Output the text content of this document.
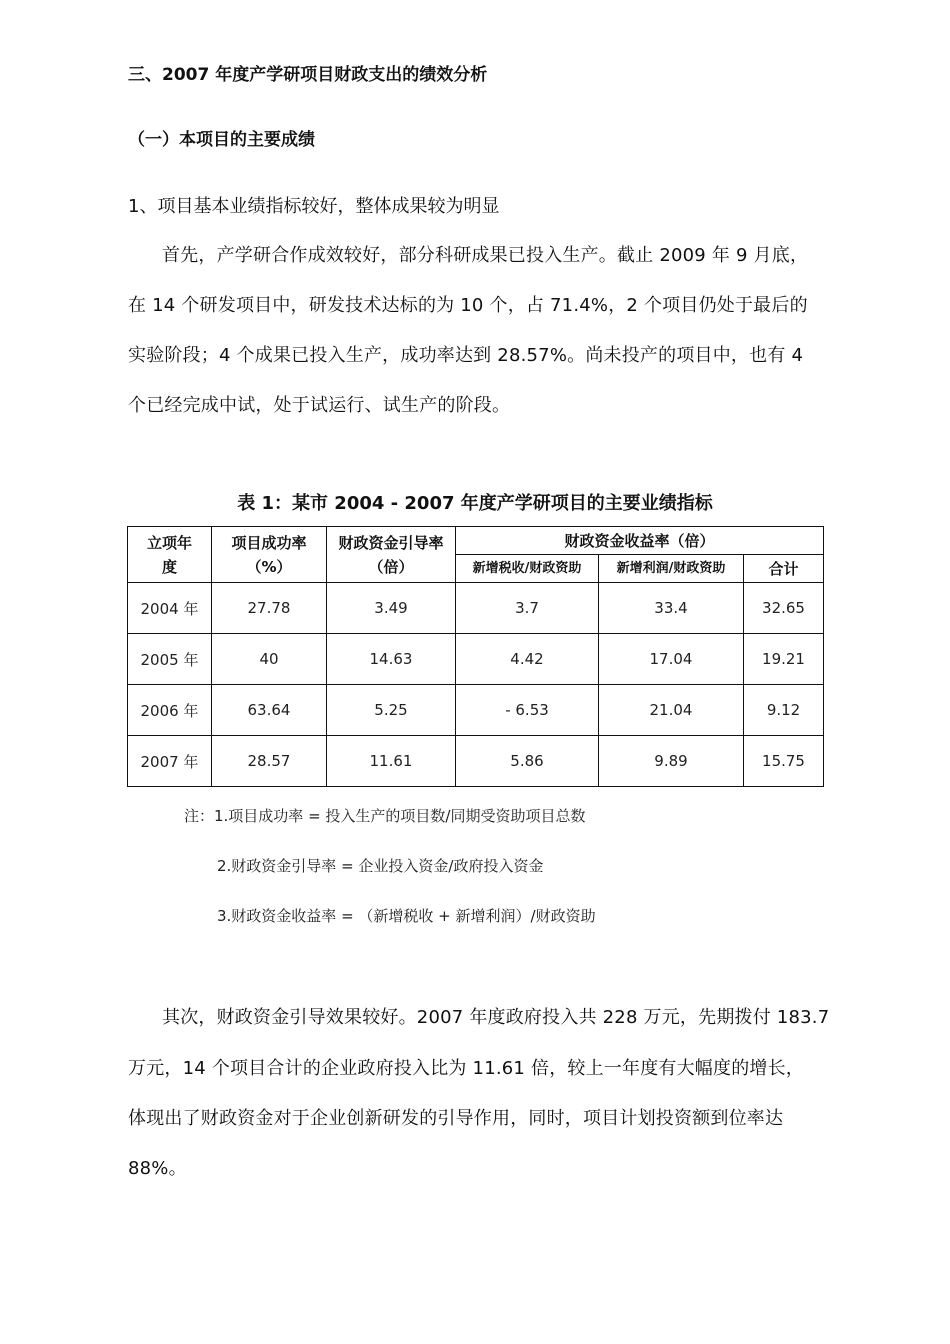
三、2007 年度产学研项目财政支出的绩效分析
（一）本项目的主要成绩
1、项目基本业绩指标较好，整体成果较为明显
首先，产学研合作成效较好，部分科研成果已投入生产。截止 2009 年 9 月底，
在 14 个研发项目中，研发技术达标的为 10 个，占 71.4%，2 个项目仍处于最后的
实验阶段；4 个成果已投入生产，成功率达到 28.57%。尚未投产的项目中，也有 4
个已经完成中试，处于试运行、试生产的阶段。
表 1：某市 2004 - 2007 年度产学研项目的主要业绩指标
立项年度	项目成功率（%）	财政资金引导率（倍）	财政资金收益率（倍）		
			新增税收/财政资助	新增利润/财政资助	合计
2004 年	27.78	3.49	3.7	33.4	32.65
2005 年	40	14.63	4.42	17.04	19.21
2006 年	63.64	5.25	- 6.53	21.04	9.12
2007 年	28.57	11.61	5.86	9.89	15.75
注：1.项目成功率 = 投入生产的项目数/同期受资助项目总数
2.财政资金引导率 = 企业投入资金/政府投入资金
3.财政资金收益率 = （新增税收 + 新增利润）/财政资助
其次，财政资金引导效果较好。2007 年度政府投入共 228 万元，先期拨付 183.7
万元，14 个项目合计的企业政府投入比为 11.61 倍，较上一年度有大幅度的增长，
体现出了财政资金对于企业创新研发的引导作用，同时，项目计划投资额到位率达
88%。
